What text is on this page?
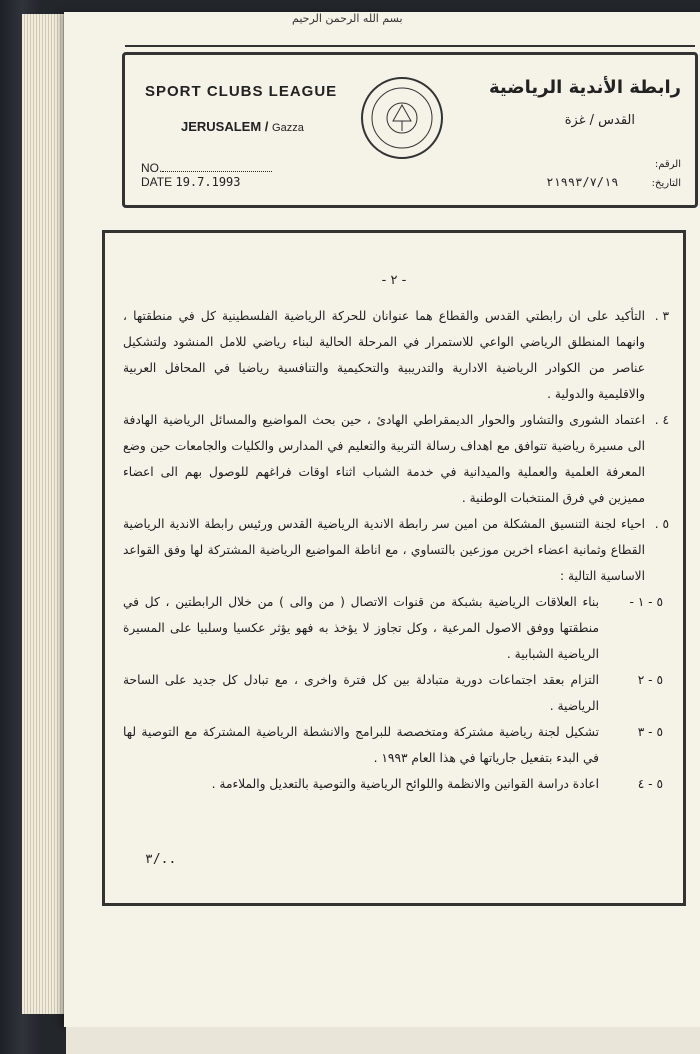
بسم الله الرحمن الرحيم
SPORT CLUBS LEAGUE
JERUSALEM / Gazza
NO.
DATE 19.7.1993
رابطة الأندية الرياضية
القدس / غزة
الرقم:
التاريخ: ٢١٩٩٣/٧/١٩
- ٢ -
٣ .
التأكيد على ان رابطتي القدس والقطاع هما عنوانان للحركة الرياضية الفلسطينية كل في منطقتها ، وانهما المنطلق الرياضي الواعي للاستمرار في المرحلة الحالية لبناء رياضي للامل المنشود ولتشكيل عناصر من الكوادر الرياضية الادارية والتدريبية والتحكيمية والتنافسية رياضيا في المحافل العربية والاقليمية والدولية .
٤ .
اعتماد الشورى والتشاور والحوار الديمقراطي الهادئ ، حين بحث المواضيع والمسائل الرياضية الهادفة الى مسيرة رياضية تتوافق مع اهداف رسالة التربية والتعليم في المدارس والكليات والجامعات حين وضع المعرفة العلمية والعملية والميدانية في خدمة الشباب اثناء اوقات فراغهم للوصول بهم الى اعضاء مميزين في فرق المنتخبات الوطنية .
٥ .
احياء لجنة التنسيق المشكلة من امين سر رابطة الاندية الرياضية القدس ورئيس رابطة الاندية الرياضية القطاع وثمانية اعضاء اخرين موزعين بالتساوي ، مع اناطة المواضيع الرياضية المشتركة لها وفق القواعد الاساسية التالية :
٥ - ١ -
بناء العلاقات الرياضية بشبكة من قنوات الاتصال ( من والى ) من خلال الرابطتين ، كل في منطقتها ووفق الاصول المرعية ، وكل تجاوز لا يؤخذ به فهو يؤثر عكسيا وسلبيا على المسيرة الرياضية الشبابية .
٥ - ٢
التزام بعقد اجتماعات دورية متبادلة بين كل فترة واخرى ، مع تبادل كل جديد على الساحة الرياضية .
٥ - ٣
تشكيل لجنة رياضية مشتركة ومتخصصة للبرامج والانشطة الرياضية المشتركة مع التوصية لها في البدء بتفعيل جارياتها في هذا العام ١٩٩٣ .
٥ - ٤
اعادة دراسة القوانين والانظمة واللوائح الرياضية والتوصية بالتعديل والملاءمة .
٣/..
